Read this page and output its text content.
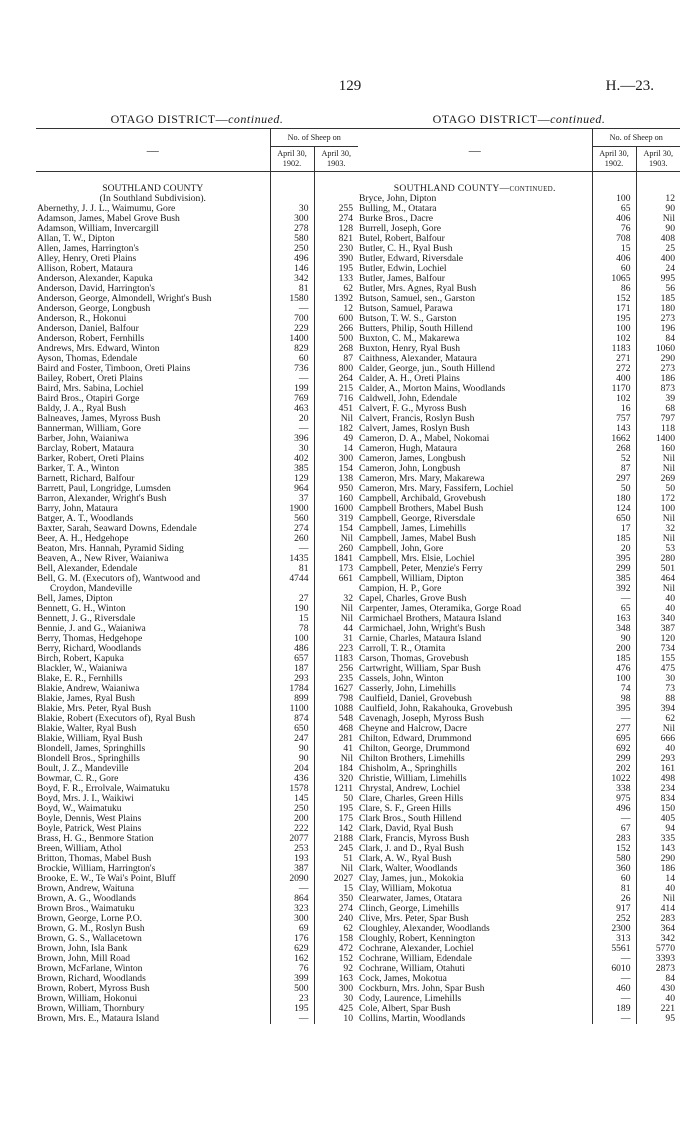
129	H.—23.
OTAGO DISTRICT—continued.
—	No. of Sheep on	
	April 30,
1902.	April 30,
1903.

SOUTHLAND COUNTY		
(In Southland Subdivision).		
Abernethy, J. J. L., Waimumu, Gore	30	255
Adamson, James, Mabel Grove Bush	300	274
Adamson, William, Invercargill	278	128
Allan, T. W., Dipton	580	821
Allen, James, Harrington's	250	230
Alley, Henry, Oreti Plains	496	390
Allison, Robert, Mataura	146	195
Anderson, Alexander, Kapuka	342	133
Anderson, David, Harrington's	81	62
Anderson, George, Almondell, Wright's Bush	1580	1392
Anderson, George, Longbush	—	12
Anderson, R., Hokonui	700	600
Anderson, Daniel, Balfour	229	266
Anderson, Robert, Fernhills	1400	500
Andrews, Mrs. Edward, Winton	829	268
Ayson, Thomas, Edendale	60	87
Baird and Foster, Timboon, Oreti Plains	736	800
Bailey, Robert, Oreti Plains	—	264
Baird, Mrs. Sabina, Lochiel	199	215
Baird Bros., Otapiri Gorge	769	716
Baldy, J. A., Ryal Bush	463	451
Balneaves, James, Myross Bush	20	Nil
Bannerman, William, Gore	—	182
Barber, John, Waianiwa	396	49
Barclay, Robert, Mataura	30	14
Barker, Robert, Oreti Plains	402	300
Barker, T. A., Winton	385	154
Barnett, Richard, Balfour	129	138
Barrett, Paul, Longridge, Lumsden	964	950
Barron, Alexander, Wright's Bush	37	160
Barry, John, Mataura	1900	1600
Batger, A. T., Woodlands	560	319
Baxter, Sarah, Seaward Downs, Edendale	274	154
Beer, A. H., Hedgehope	260	Nil
Beaton, Mrs. Hannah, Pyramid Siding	—	260
Beaven, A., New River, Waianiwa	1435	1841
Bell, Alexander, Edendale	81	173
Bell, G. M. (Executors of), Wantwood and	4744	661
Croydon, Mandeville		
Bell, James, Dipton	27	32
Bennett, G. H., Winton	190	Nil
Bennett, J. G., Riversdale	15	Nil
Bennie, J. and G., Waianiwa	78	44
Berry, Thomas, Hedgehope	100	31
Berry, Richard, Woodlands	486	223
Birch, Robert, Kapuka	657	1183
Blackler, W., Waianiwa	187	256
Blake, E. R., Fernhills	293	235
Blakie, Andrew, Waianiwa	1784	1627
Blakie, James, Ryal Bush	899	798
Blakie, Mrs. Peter, Ryal Bush	1100	1088
Blakie, Robert (Executors of), Ryal Bush	874	548
Blakie, Walter, Ryal Bush	650	468
Blakie, William, Ryal Bush	247	281
Blondell, James, Springhills	90	41
Blondell Bros., Springhills	90	Nil
Boult, J. Z., Mandeville	204	184
Bowmar, C. R., Gore	436	320
Boyd, F. R., Errolvale, Waimatuku	1578	1211
Boyd, Mrs. J. I., Waikiwi	145	50
Boyd, W., Waimatuku	250	195
Boyle, Dennis, West Plains	200	175
Boyle, Patrick, West Plains	222	142
Brass, H. G., Benmore Station	2077	2188
Breen, William, Athol	253	245
Britton, Thomas, Mabel Bush	193	51
Brockie, William, Harrington's	387	Nil
Brooke, E. W., Te Wai's Point, Bluff	2090	2027
Brown, Andrew, Waituna	—	15
Brown, A. G., Woodlands	864	350
Brown Bros., Waimatuku	323	274
Brown, George, Lorne P.O.	300	240
Brown, G. M., Roslyn Bush	69	62
Brown, G. S., Wallacetown	176	158
Brown, John, Isla Bank	629	472
Brown, John, Mill Road	162	152
Brown, McFarlane, Winton	76	92
Brown, Richard, Woodlands	399	163
Brown, Robert, Myross Bush	500	300
Brown, William, Hokonui	23	30
Brown, William, Thornbury	195	425
Brown, Mrs. E., Mataura Island	—	10
OTAGO DISTRICT—continued.
—	No. of Sheep on	
	April 30,
1902.	April 30,
1903.

SOUTHLAND COUNTY—continued.		
Bryce, John, Dipton	100	12
Bulling, M., Otatara	65	90
Burke Bros., Dacre	406	Nil
Burrell, Joseph, Gore	76	90
Butel, Robert, Balfour	708	408
Butler, C. H., Ryal Bush	15	25
Butler, Edward, Riversdale	406	400
Butler, Edwin, Lochiel	60	24
Butler, James, Balfour	1065	995
Butler, Mrs. Agnes, Ryal Bush	86	56
Butson, Samuel, sen., Garston	152	185
Butson, Samuel, Parawa	171	180
Butson, T. W. S., Garston	195	273
Butters, Philip, South Hillend	100	196
Buxton, C. M., Makarewa	102	84
Buxton, Henry, Ryal Bush	1183	1060
Caithness, Alexander, Mataura	271	290
Calder, George, jun., South Hillend	272	273
Calder, A. H., Oreti Plains	400	186
Calder, A., Morton Mains, Woodlands	1170	873
Caldwell, John, Edendale	102	39
Calvert, F. G., Myross Bush	16	68
Calvert, Francis, Roslyn Bush	757	797
Calvert, James, Roslyn Bush	143	118
Cameron, D. A., Mabel, Nokomai	1662	1400
Cameron, Hugh, Mataura	268	160
Cameron, James, Longbush	52	Nil
Cameron, John, Longbush	87	Nil
Cameron, Mrs. Mary, Makarewa	297	269
Cameron, Mrs. Mary, Fassifern, Lochiel	50	50
Campbell, Archibald, Grovebush	180	172
Campbell Brothers, Mabel Bush	124	100
Campbell, George, Riversdale	650	Nil
Campbell, James, Limehills	17	32
Campbell, James, Mabel Bush	185	Nil
Campbell, John, Gore	20	53
Campbell, Mrs. Elsie, Lochiel	395	280
Campbell, Peter, Menzie's Ferry	299	501
Campbell, William, Dipton	385	464
Campion, H. P., Gore	392	Nil
Capel, Charles, Grove Bush	—	40
Carpenter, James, Oteramika, Gorge Road	65	40
Carmichael Brothers, Mataura Island	163	340
Carmichael, John, Wright's Bush	348	387
Carnie, Charles, Mataura Island	90	120
Carroll, T. R., Otamita	200	734
Carson, Thomas, Grovebush	185	155
Cartwright, William, Spar Bush	476	475
Cassels, John, Winton	100	30
Casserly, John, Limehills	74	73
Caulfield, Daniel, Grovebush	98	88
Caulfield, John, Rakahouka, Grovebush	395	394
Cavenagh, Joseph, Myross Bush	—	62
Cheyne and Halcrow, Dacre	277	Nil
Chilton, Edward, Drummond	695	666
Chilton, George, Drummond	692	40
Chilton Brothers, Limehills	299	293
Chisholm, A., Springhills	202	161
Christie, William, Limehills	1022	498
Chrystal, Andrew, Lochiel	338	234
Clare, Charles, Green Hills	975	834
Clare, S. F., Green Hills	496	150
Clark Bros., South Hillend	—	405
Clark, David, Ryal Bush	67	94
Clark, Francis, Myross Bush	283	335
Clark, J. and D., Ryal Bush	152	143
Clark, A. W., Ryal Bush	580	290
Clark, Walter, Woodlands	360	186
Clay, James, jun., Mokokia	60	14
Clay, William, Mokotua	81	40
Clearwater, James, Otatara	26	Nil
Clinch, George, Limehills	917	414
Clive, Mrs. Peter, Spar Bush	252	283
Cloughley, Alexander, Woodlands	2300	364
Cloughly, Robert, Kennington	313	342
Cochrane, Alexander, Lochiel	5561	5770
Cochrane, William, Edendale	—	3393
Cochrane, William, Otahuti	6010	2873
Cock, James, Mokotua	—	84
Cockburn, Mrs. John, Spar Bush	460	430
Cody, Laurence, Limehills	—	40
Cole, Albert, Spar Bush	189	221
Collins, Martin, Woodlands	—	95
